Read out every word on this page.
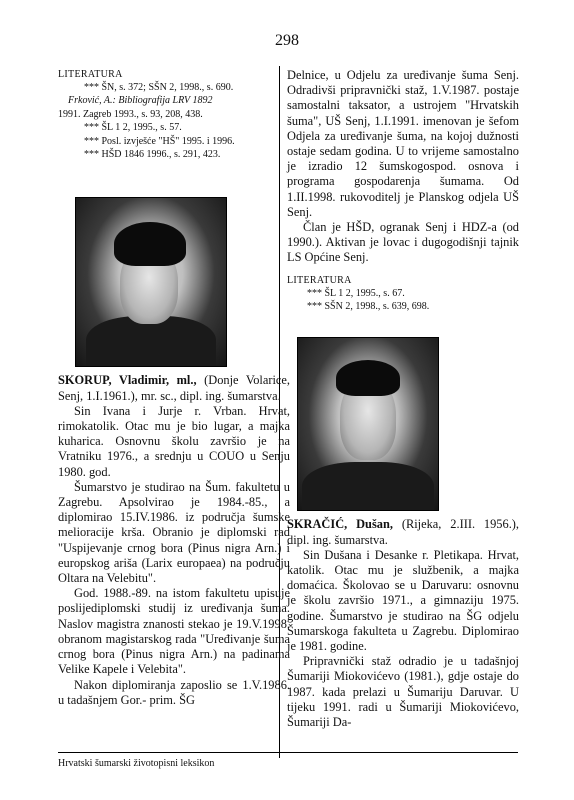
298
LITERATURA
*** ŠN, s. 372; SŠN 2, 1998., s. 690.
Frković, A.: Bibliografija LRV 1892
1991. Zagreb 1993., s. 93, 208, 438.
*** ŠL 1 2, 1995., s. 57.
*** Posl. izvješće "HŠ" 1995. i 1996.
*** HŠD 1846 1996., s. 291, 423.

SKORUP, Vladimir, ml., (Donje Volarice, Senj, 1.I.1961.), mr. sc., dipl. ing. šumarstva.

Sin Ivana i Jurje r. Vrban. Hrvat, rimokatolik. Otac mu je bio lugar, a majka kuharica. Osnovnu školu završio je na Vratniku 1976., a srednju u COUO u Senju 1980. god.

Šumarstvo je studirao na Šum. fakultetu u Zagrebu. Apsolvirao je 1984.-85., a diplomirao 15.IV.1986. iz područja šumske melioracije krša. Obranio je diplomski rad "Uspijevanje crnog bora (Pinus nigra Arn.) i europskog ariša (Larix europaea) na području Oltara na Velebitu".

God. 1988.-89. na istom fakultetu upisuje poslijediplomski studij iz uređivanja šuma. Naslov magistra znanosti stekao je 19.V.1998. obranom magistarskog rada "Uređivanje šuma crnog bora (Pinus nigra Arn.) na padinama Velike Kapele i Velebita".

Nakon diplomiranja zaposlio se 1.V.1986. u tadašnjem Gor.- prim. ŠG

Delnice, u Odjelu za uređivanje šuma Senj. Odradivši pripravnički staž, 1.V.1987. postaje samostalni taksator, a ustrojem "Hrvatskih šuma", UŠ Senj, 1.I.1991. imenovan je šefom Odjela za uređivanje šuma, na kojoj dužnosti ostaje sedam godina. U to vrijeme samostalno je izradio 12 šumskogospod. osnova i programa gospodarenja šumama. Od 1.II.1998. rukovoditelj je Planskog odjela UŠ Senj.

Član je HŠD, ogranak Senj i HDZ-a (od 1990.). Aktivan je lovac i dugogodišnji tajnik LS Općine Senj.

LITERATURA
*** ŠL 1 2, 1995., s. 67.
*** SŠN 2, 1998., s. 639, 698.

SKRAČIĆ, Dušan, (Rijeka, 2.III. 1956.), dipl. ing. šumarstva.

Sin Dušana i Desanke r. Pletikapa. Hrvat, katolik. Otac mu je službenik, a majka domaćica. Školovao se u Daruvaru: osnovnu je školu završio 1971., a gimnaziju 1975. godine. Šumarstvo je studirao na ŠG odjelu Šumarskoga fakulteta u Zagrebu. Diplomirao je 1981. godine.

Pripravnički staž odradio je u tadašnjoj Šumariji Miokovićevo (1981.), gdje ostaje do 1987. kada prelazi u Šumariju Daruvar. U tijeku 1991. radi u Šumariji Miokovićevo, Šumariji Da-

Hrvatski šumarski životopisni leksikon
